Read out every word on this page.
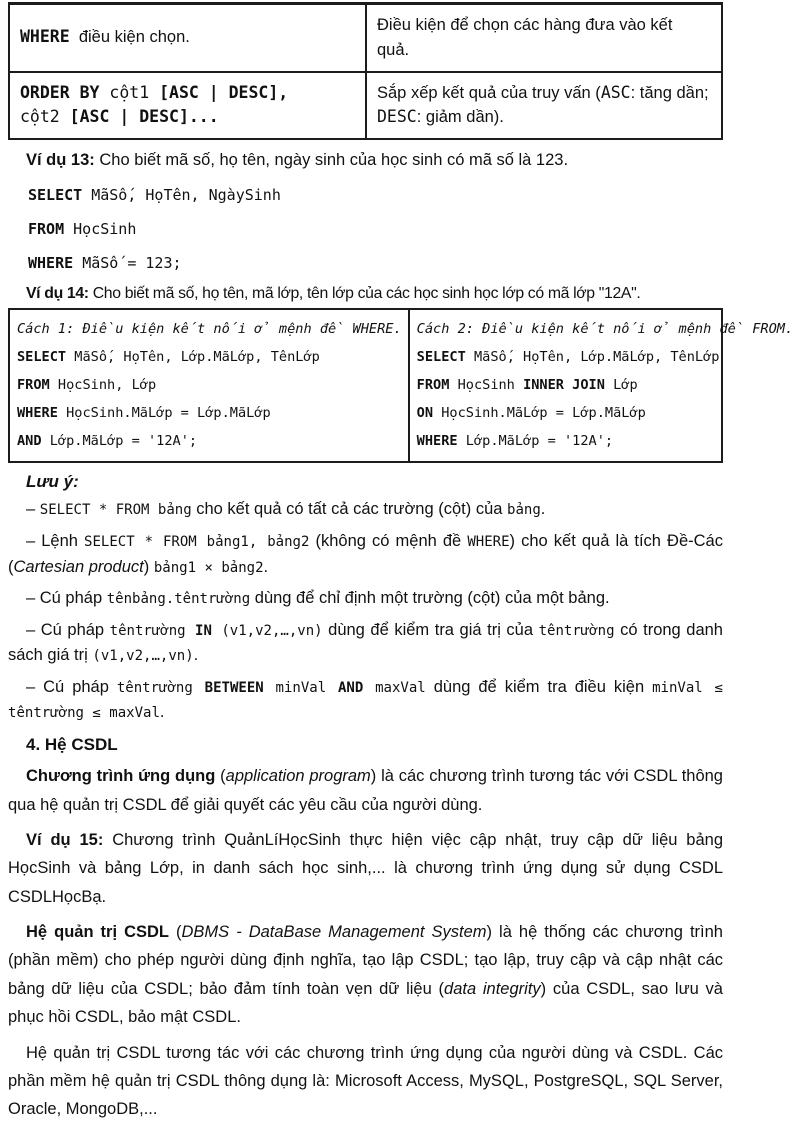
WHERE  điều kiện chọn.

Điều kiện để chọn các hàng đưa vào kết quả.

ORDER BY cột1 [ASC | DESC],
cột2 [ASC | DESC]...

Sắp xếp kết quả của truy vấn (ASC: tăng dần; DESC: giảm dần).

Ví dụ 13: Cho biết mã số, họ tên, ngày sinh của học sinh có mã số là 123.

SELECT MãSố, HọTên, NgàySinh
FROM HọcSinh
WHERE MãSố = 123;

Ví dụ 14: Cho biết mã số, họ tên, mã lớp, tên lớp của các học sinh học lớp có mã lớp "12A".

Cách 1: Điều kiện kết nối ở mệnh đề WHERE.
SELECT MãSố, HọTên, Lớp.MãLớp, TênLớp
FROM HọcSinh, Lớp
WHERE HọcSinh.MãLớp = Lớp.MãLớp
AND Lớp.MãLớp = '12A';
Cách 2: Điều kiện kết nối ở mệnh đề FROM.
SELECT MãSố, HọTên, Lớp.MãLớp, TênLớp
FROM HọcSinh INNER JOIN Lớp
ON HọcSinh.MãLớp = Lớp.MãLớp
WHERE Lớp.MãLớp = '12A';

Lưu ý:

– SELECT * FROM bảng cho kết quả có tất cả các trường (cột) của bảng.

– Lệnh SELECT * FROM bảng1, bảng2 (không có mệnh đề WHERE) cho kết quả là tích Đề-Các (Cartesian product) bảng1 × bảng2.

– Cú pháp tênbảng.têntrường dùng để chỉ định một trường (cột) của một bảng.

– Cú pháp têntrường IN (v1,v2,…,vn) dùng để kiểm tra giá trị của têntrường có trong danh sách giá trị (v1,v2,…,vn).

– Cú pháp têntrường BETWEEN minVal AND maxVal dùng để kiểm tra điều kiện minVal ≤ têntrường ≤ maxVal.

4. Hệ CSDL

Chương trình ứng dụng (application program) là các chương trình tương tác với CSDL thông qua hệ quản trị CSDL để giải quyết các yêu cầu của người dùng.

Ví dụ 15: Chương trình QuảnLíHọcSinh thực hiện việc cập nhật, truy cập dữ liệu bảng HọcSinh và bảng Lớp, in danh sách học sinh,... là chương trình ứng dụng sử dụng CSDL CSDLHọcBạ.

Hệ quản trị CSDL (DBMS - DataBase Management System) là hệ thống các chương trình (phần mềm) cho phép người dùng định nghĩa, tạo lập CSDL; tạo lập, truy cập và cập nhật các bảng dữ liệu của CSDL; bảo đảm tính toàn vẹn dữ liệu (data integrity) của CSDL, sao lưu và phục hồi CSDL, bảo mật CSDL.

Hệ quản trị CSDL tương tác với các chương trình ứng dụng của người dùng và CSDL. Các phần mềm hệ quản trị CSDL thông dụng là: Microsoft Access, MySQL, PostgreSQL, SQL Server, Oracle, MongoDB,...
